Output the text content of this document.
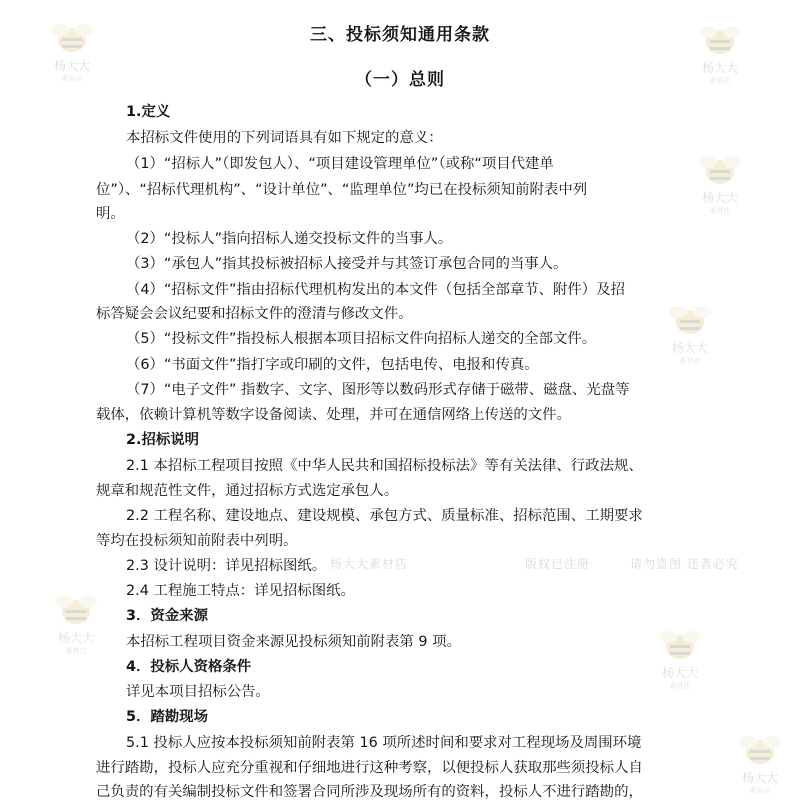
杨大大
素材店
杨大大
素材店
杨大大
素材店
杨大大
素材店
杨大大
素材店
杨大大
素材店
杨大大
素材店
杨大大素材店	版权已注册	请勿盗图 违者必究
三、投标须知通用条款
（一）总则
1.定义
本招标文件使用的下列词语具有如下规定的意义：
（1）“招标人”（即发包人）、“项目建设管理单位”（或称“项目代建单
位”）、“招标代理机构”、“设计单位”、“监理单位”均已在投标须知前附表中列
明。
（2）“投标人”指向招标人递交投标文件的当事人。
（3）“承包人”指其投标被招标人接受并与其签订承包合同的当事人。
（4）“招标文件”指由招标代理机构发出的本文件（包括全部章节、附件）及招
标答疑会会议纪要和招标文件的澄清与修改文件。
（5）“投标文件”指投标人根据本项目招标文件向招标人递交的全部文件。
（6）“书面文件”指打字或印刷的文件，包括电传、电报和传真。
（7）“电子文件” 指数字、文字、图形等以数码形式存储于磁带、磁盘、光盘等
载体，依赖计算机等数字设备阅读、处理，并可在通信网络上传送的文件。
2.招标说明
2.1 本招标工程项目按照《中华人民共和国招标投标法》等有关法律、行政法规、
规章和规范性文件，通过招标方式选定承包人。
2.2 工程名称、建设地点、建设规模、承包方式、质量标准、招标范围、工期要求
等均在投标须知前附表中列明。
2.3 设计说明：详见招标图纸。
2.4 工程施工特点：详见招标图纸。
3．资金来源
本招标工程项目资金来源见投标须知前附表第 9 项。
4．投标人资格条件
详见本项目招标公告。
5．踏勘现场
5.1 投标人应按本投标须知前附表第 16 项所述时间和要求对工程现场及周围环境
进行踏勘，投标人应充分重视和仔细地进行这种考察，以便投标人获取那些须投标人自
己负责的有关编制投标文件和签署合同所涉及现场所有的资料，投标人不进行踏勘的，
